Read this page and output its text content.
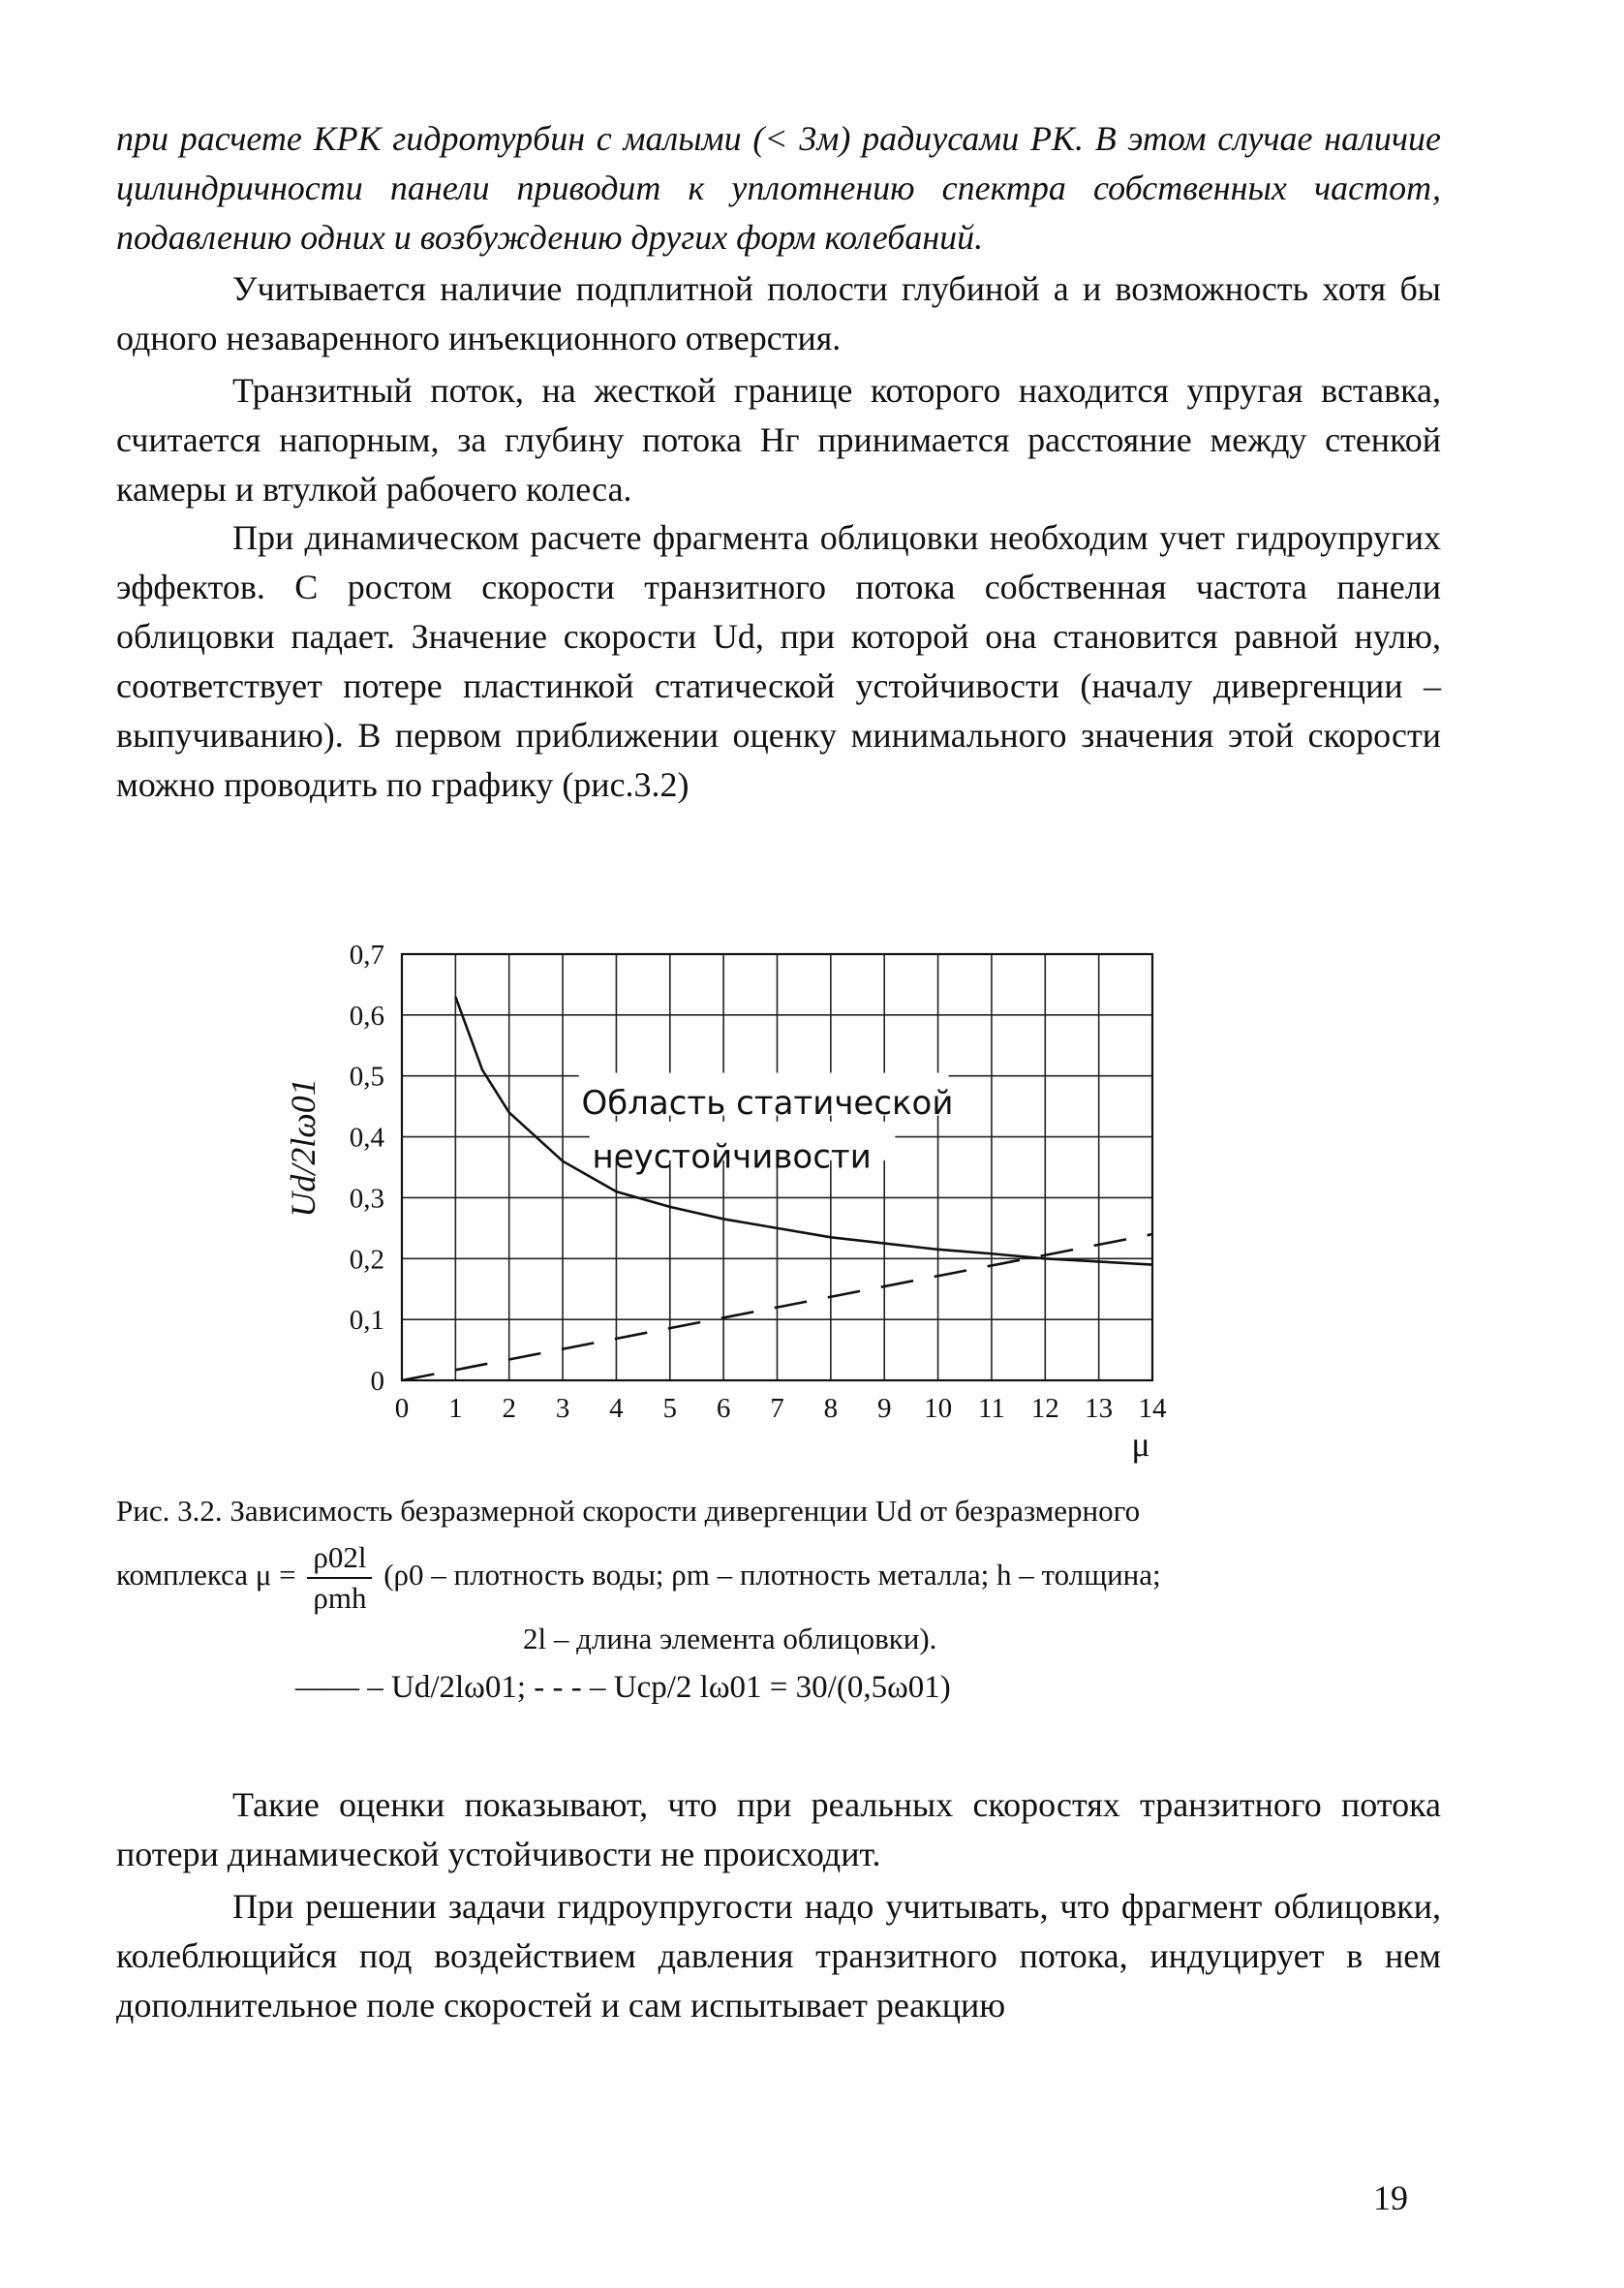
при расчете КРК гидротурбин с малыми (< 3м) радиусами РК. В этом случае наличие цилиндричности панели приводит к уплотнению спектра собственных частот, подавлению одних и возбуждению других форм колебаний.

Учитывается наличие подплитной полости глубиной a и возможность хотя бы одного незаваренного инъекционного отверстия.

Транзитный поток, на жесткой границе которого находится упругая вставка, считается напорным, за глубину потока Hг принимается расстояние между стенкой камеры и втулкой рабочего колеса.

При динамическом расчете фрагмента облицовки необходим учет гидроупругих эффектов. С ростом скорости транзитного потока собственная частота панели облицовки падает. Значение скорости Ud, при которой она становится равной нулю, соответствует потере пластинкой статической устойчивости (началу дивергенции – выпучиванию). В первом приближении оценку минимального значения этой скорости можно проводить по графику (рис.3.2)

0 1 2 3 4 5 6 7 8 9 10 11 12 13 14
0
0,1
0,2
0,3
0,4
0,5
0,6
0,7
μ
Ud/2lω01	Область статической
неустойчивости
Рис. 3.2. Зависимость безразмерной скорости дивергенции Ud от безразмерного
комплекса $\mu = \frac{\rho 02l}{\text{ρmh}} (\rho 0$ – плотность воды; ρm – плотность металла; h – толщина;
2l – длина элемента облицовки).
—— – Ud/2lω01; - - - – Uср/2 lω01 = 30/(0,5ω01)

Такие оценки показывают, что при реальных скоростях транзитного потока потери динамической устойчивости не происходит.

При решении задачи гидроупругости надо учитывать, что фрагмент облицовки, колеблющийся под воздействием давления транзитного потока, индуцирует в нем дополнительное поле скоростей и сам испытывает реакцию

19
